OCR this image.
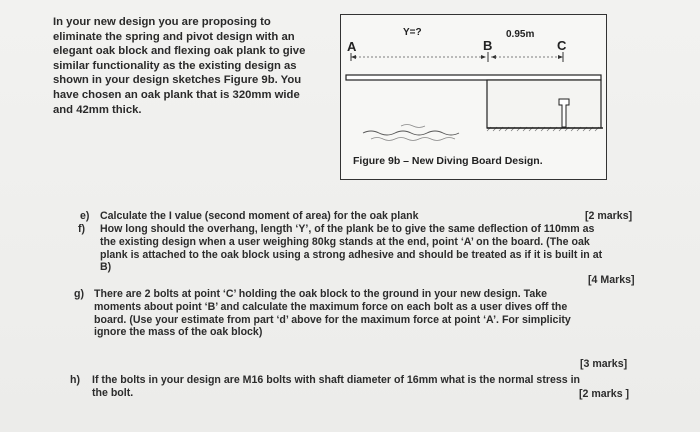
In your new design you are proposing to
eliminate the spring and pivot design with an
elegant oak block and flexing oak plank to give
similar functionality as the existing design as
shown in your design sketches Figure 9b. You
have chosen an oak plank that is 320mm wide
and 42mm thick.
Y=?	0.95m
A	B	C
Figure 9b – New Diving Board Design.
e) Calculate the I value (second moment of area) for the oak plank	[2 marks]
f) How long should the overhang, length ‘Y’, of the plank be to give the same deflection of 110mm as
the existing design when a user weighing 80kg stands at the end, point ‘A’ on the board. (The oak
plank is attached to the oak block using a strong adhesive and should be treated as if it is built in at
B)
[4 Marks]
g) There are 2 bolts at point ‘C’ holding the oak block to the ground in your new design. Take
moments about point ‘B’ and calculate the maximum force on each bolt as a user dives off the
board. (Use your estimate from part ‘d’ above for the maximum force at point ‘A’. For simplicity
ignore the mass of the oak block)
[3 marks]
h) If the bolts in your design are M16 bolts with shaft diameter of 16mm what is the normal stress in
the bolt.	[2 marks ]
